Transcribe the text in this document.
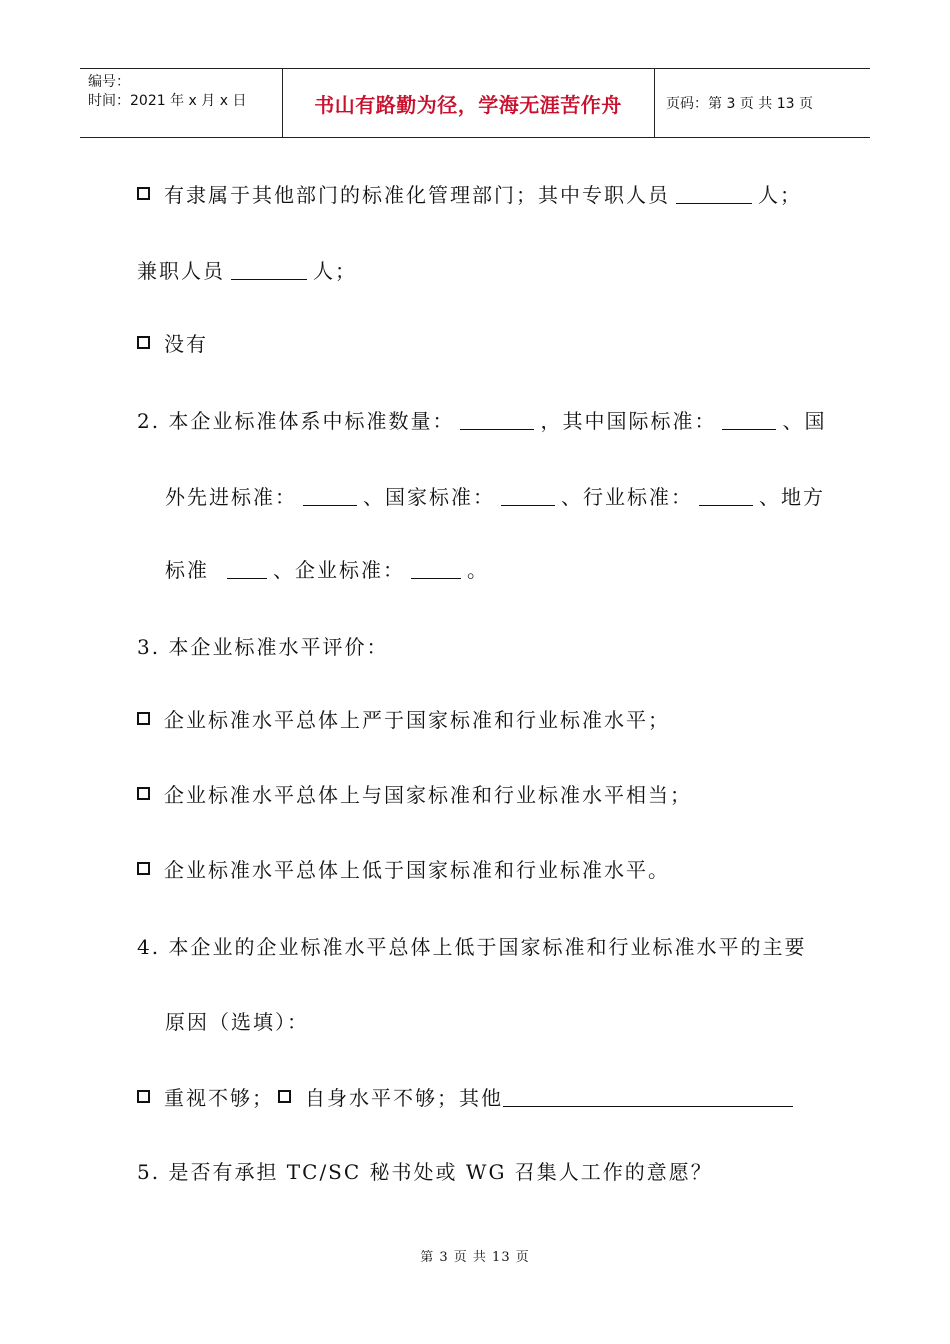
编号：
时间：2021 年 x 月 x 日	书山有路勤为径，学海无涯苦作舟	页码：第 3 页 共 13 页
有隶属于其他部门的标准化管理部门；其中专职人员	人；
兼职人员	人；
没有
2. 本企业标准体系中标准数量：	，其中国际标准：	、国
外先进标准：	、国家标准：	、行业标准：	、地方
标准	、企业标准：	。
3. 本企业标准水平评价：
企业标准水平总体上严于国家标准和行业标准水平；
企业标准水平总体上与国家标准和行业标准水平相当；
企业标准水平总体上低于国家标准和行业标准水平。
4. 本企业的企业标准水平总体上低于国家标准和行业标准水平的主要
原因（选填）：
重视不够； 自身水平不够；其他
5. 是否有承担 TC/SC 秘书处或 WG 召集人工作的意愿？
第 3 页 共 13 页
